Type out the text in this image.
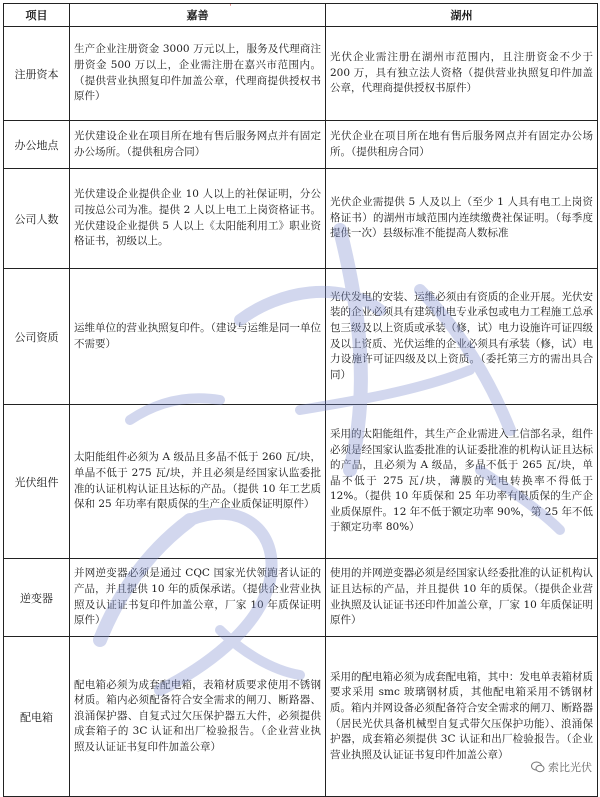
项目	嘉善	湖州
注册资本	生产企业注册资金 3000 万元以上，服务及代理商注册资金 500 万以上，企业需注册在嘉兴市范围内。（提供营业执照复印件加盖公章，代理商提供授权书原件）	光伏企业需注册在湖州市范围内，且注册资金不少于 200 万，具有独立法人资格（提供营业执照复印件加盖公章，代理商提供授权书原件）
办公地点	光伏建设企业在项目所在地有售后服务网点并有固定办公场所。（提供租房合同）	光伏企业在项目所在地有售后服务网点并有固定办公场所。（提供租房合同）
公司人数	光伏建设企业提供企业 10 人以上的社保证明，分公司按总公司为准。提供 2 人以上电工上岗资格证书。光伏建设企业提供 5 人以上《太阳能利用工》职业资格证书，初级以上。	光伏企业需提供 5 人及以上（至少 1 人具有电工上岗资格证书）的湖州市域范围内连续缴费社保证明。（每季度提供一次）县级标准不能提高人数标准
公司资质	运维单位的营业执照复印件。（建设与运维是同一单位不需要）	光伏发电的安装、运维必须由有资质的企业开展。光伏安装的企业必须具有建筑机电专业承包或电力工程施工总承包三级及以上资质或承装（修，试）电力设施许可证四级及以上资质、光伏运维的企业必须具有承装（修，试）电力设施许可证四级及以上资质。（委托第三方的需出具合同）
光伏组件	太阳能组件必须为 A 级品且多晶不低于 260 瓦/块，单晶不低于 275 瓦/块，并且必须是经国家认监委批准的认证机构认证且达标的产品。（提供 10 年工艺质保和 25 年功率有限质保的生产企业质保证明原件）	采用的太阳能组件，其生产企业需进入工信部名录，组件必须是经国家认监委批准的认证委批准的机构认证且达标的产品，且必须为 A 级品，多晶不低于 265 瓦/块，单晶不低于 275 瓦/块，薄膜的光电转换率不得低于 12%。（提供 10 年质保和 25 年功率有限质保的生产企业质保原件。12 年不低于额定功率 90%，第 25 年不低于额定功率 80%）
逆变器	并网逆变器必须是通过 CQC 国家光伏领跑者认证的产品，并且提供 10 年的质保承诺。（提供企业营业执照及认证证书复印件加盖公章，厂家 10 年质保证明原件）	使用的并网逆变器必须是经国家认经委批准的认证机构认证且达标的产品，并且提供 10 年的质保。（提供企业营业执照及认证证书还印件加盖公章，厂家 10 年质保证明原件）
配电箱	配电箱必须为成套配电箱，表箱材质要求使用不锈钢材质。箱内必须配备符合安全需求的闸刀、断路器、浪涌保护器、自复式过欠压保护器五大件，必须提供成套箱子的 3C 认证和出厂检验报告。（企业营业执照及认证证书复印件加盖公章）	采用的配电箱必须为成套配电箱，其中：发电单表箱材质要求采用 smc 玻璃钢材质，其他配电箱采用不锈钢材质。箱内并网设备必须配备符合安全需求的闸刀、断路器（居民光伏具备机械型自复式带欠压保护功能）、浪涌保护器，成套箱必须提供 3C 认证和出厂检验报告。（企业营业执照及认证证书复印件加盖公章）
˙
索比光伏
